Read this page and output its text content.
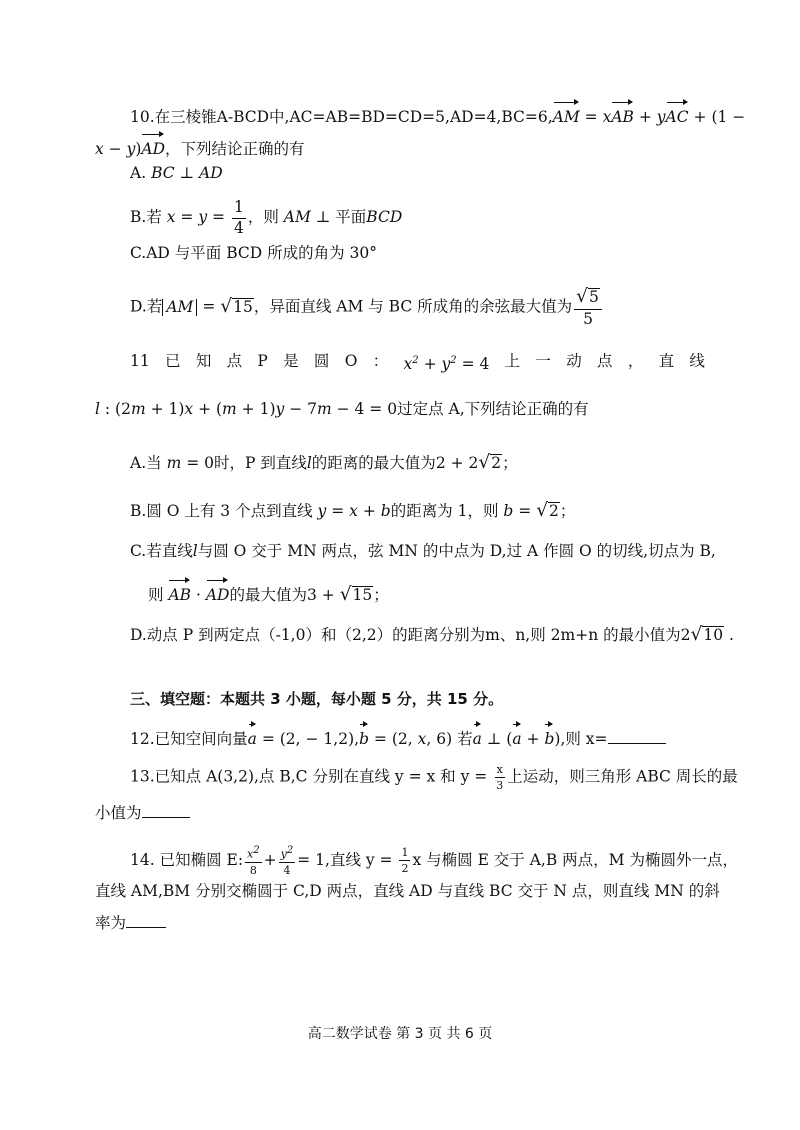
10.在三棱锥A-BCD中,AC=AB=BD=CD=5,AD=4,BC=6,AM = xAB + yAC + (1 −
x − y)AD，下列结论正确的有
A. BC ⊥ AD
B.若 $x = y = \frac{1}{4}$ ，则 AM ⊥ 平面BCD
C.AD 与平面 BCD 所成的角为 30°
D.若 AM = √ 15 ，异面直线 AM 与 BC 所成角的余弦最大值为 $\frac{√ 5}{5}$
11 已 知 点 P 是 圆 O ： $x^2 + y^2 = 4$ 上 一 动 点 ， 直 线
l : (2m + 1)x + (m + 1)y − 7m − 4 = 0过定点 A,下列结论正确的有
A.当 m = 0时，P 到直线l的距离的最大值为2 + 2 √ 2 ；
B.圆 O 上有 3 个点到直线 y = x + b的距离为 1，则 b = √ 2 ；
C.若直线l与圆 O 交于 MN 两点，弦 MN 的中点为 D,过 A 作圆 O 的切线,切点为 B,
则 AB · AD的最大值为3 + √ 15 ；
D.动点 P 到两定点（-1,0）和（2,2）的距离分别为m、n,则 2m+n 的最小值为2 √ 10 .
三、填空题：本题共 3 小题，每小题 5 分，共 15 分。
12.已知空间向量a = (2, − 1,2),b = (2, x, 6) 若a ⊥ (a + b),则 x=
13.已知点 A(3,2),点 B,C 分别在直线 y = x 和 $y = \frac{x}{3}$ 上运动，则三角形 ABC 周长的最
小值为
14. 已知椭圆 E: $\frac{x^2}{8} + \frac{y^2}{4} = 1$,直线 $y = \frac{1}{2}$ x 与椭圆 E 交于 A,B 两点，M 为椭圆外一点，
直线 AM,BM 分别交椭圆于 C,D 两点，直线 AD 与直线 BC 交于 N 点，则直线 MN 的斜
率为
高二数学试卷 第 3 页 共 6 页
